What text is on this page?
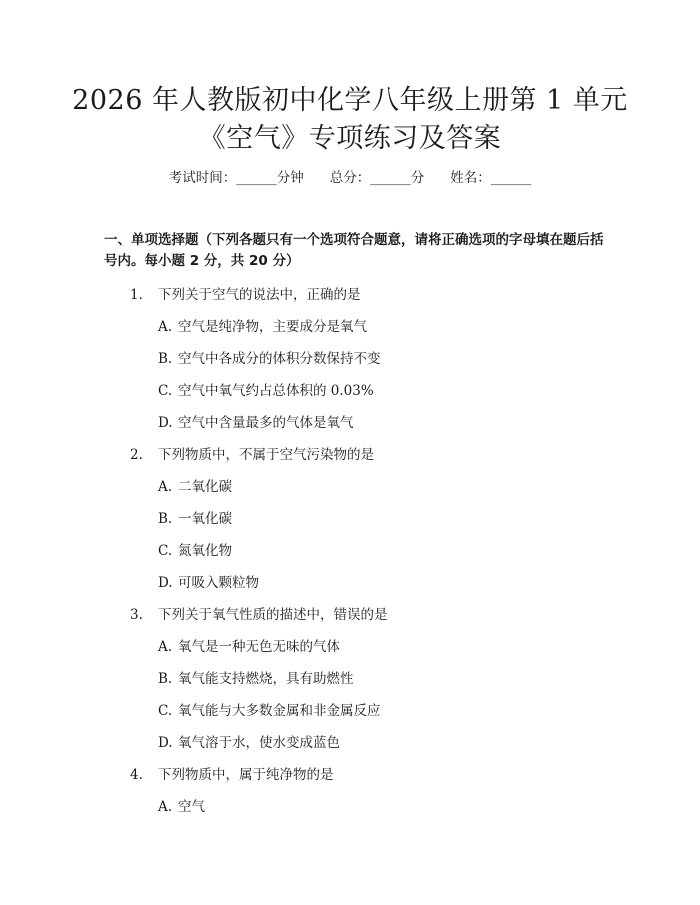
2026 年人教版初中化学八年级上册第 1 单元
《空气》专项练习及答案
考试时间：______分钟 总分：______分 姓名：______
一、单项选择题（下列各题只有一个选项符合题意，请将正确选项的字母填在题后括号内。每小题 2 分，共 20 分）
1. 下列关于空气的说法中，正确的是
A. 空气是纯净物，主要成分是氧气
B. 空气中各成分的体积分数保持不变
C. 空气中氧气约占总体积的 0.03%
D. 空气中含量最多的气体是氧气
2. 下列物质中，不属于空气污染物的是
A. 二氧化碳
B. 一氧化碳
C. 氮氧化物
D. 可吸入颗粒物
3. 下列关于氧气性质的描述中，错误的是
A. 氧气是一种无色无味的气体
B. 氧气能支持燃烧，具有助燃性
C. 氧气能与大多数金属和非金属反应
D. 氧气溶于水，使水变成蓝色
4. 下列物质中，属于纯净物的是
A. 空气
